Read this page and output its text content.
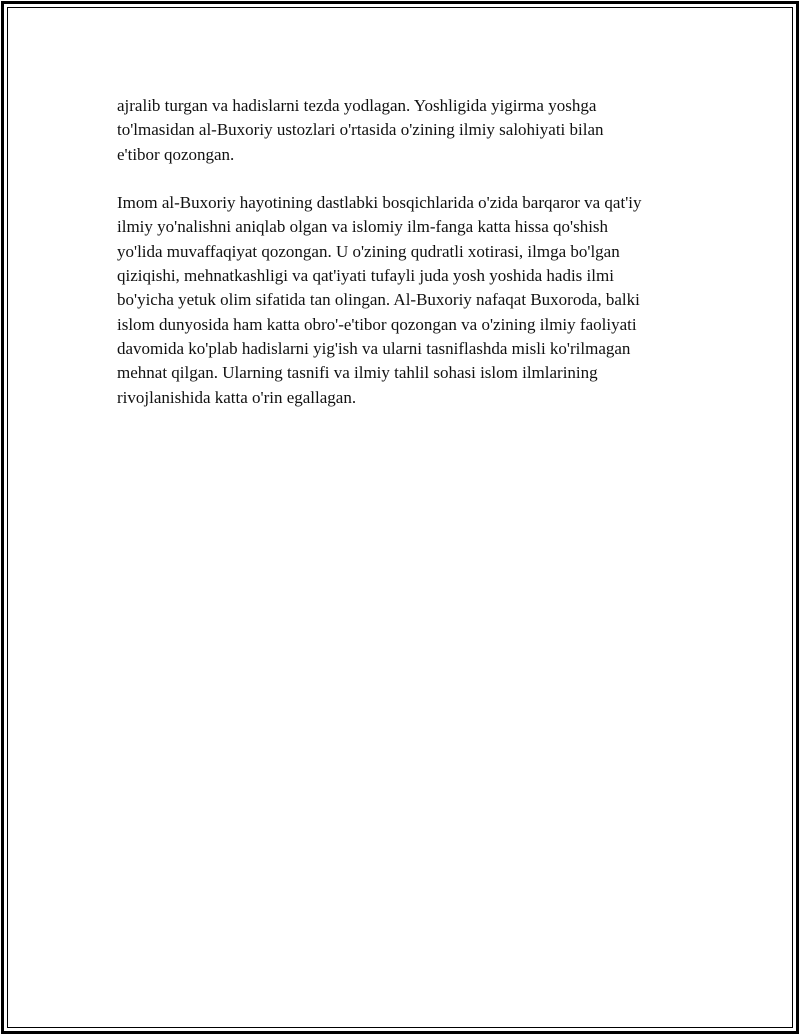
ajralib turgan va hadislarni tezda yodlagan. Yoshligida yigirma yoshga
to'lmasidan al-Buxoriy ustozlari o'rtasida o'zining ilmiy salohiyati bilan
e'tibor qozongan.

Imom al-Buxoriy hayotining dastlabki bosqichlarida o'zida barqaror va qat'iy
ilmiy yo'nalishni aniqlab olgan va islomiy ilm-fanga katta hissa qo'shish
yo'lida muvaffaqiyat qozongan. U o'zining qudratli xotirasi, ilmga bo'lgan
qiziqishi, mehnatkashligi va qat'iyati tufayli juda yosh yoshida hadis ilmi
bo'yicha yetuk olim sifatida tan olingan. Al-Buxoriy nafaqat Buxoroda, balki
islom dunyosida ham katta obro'-e'tibor qozongan va o'zining ilmiy faoliyati
davomida ko'plab hadislarni yig'ish va ularni tasniflashda misli ko'rilmagan
mehnat qilgan. Ularning tasnifi va ilmiy tahlil sohasi islom ilmlarining
rivojlanishida katta o'rin egallagan.
